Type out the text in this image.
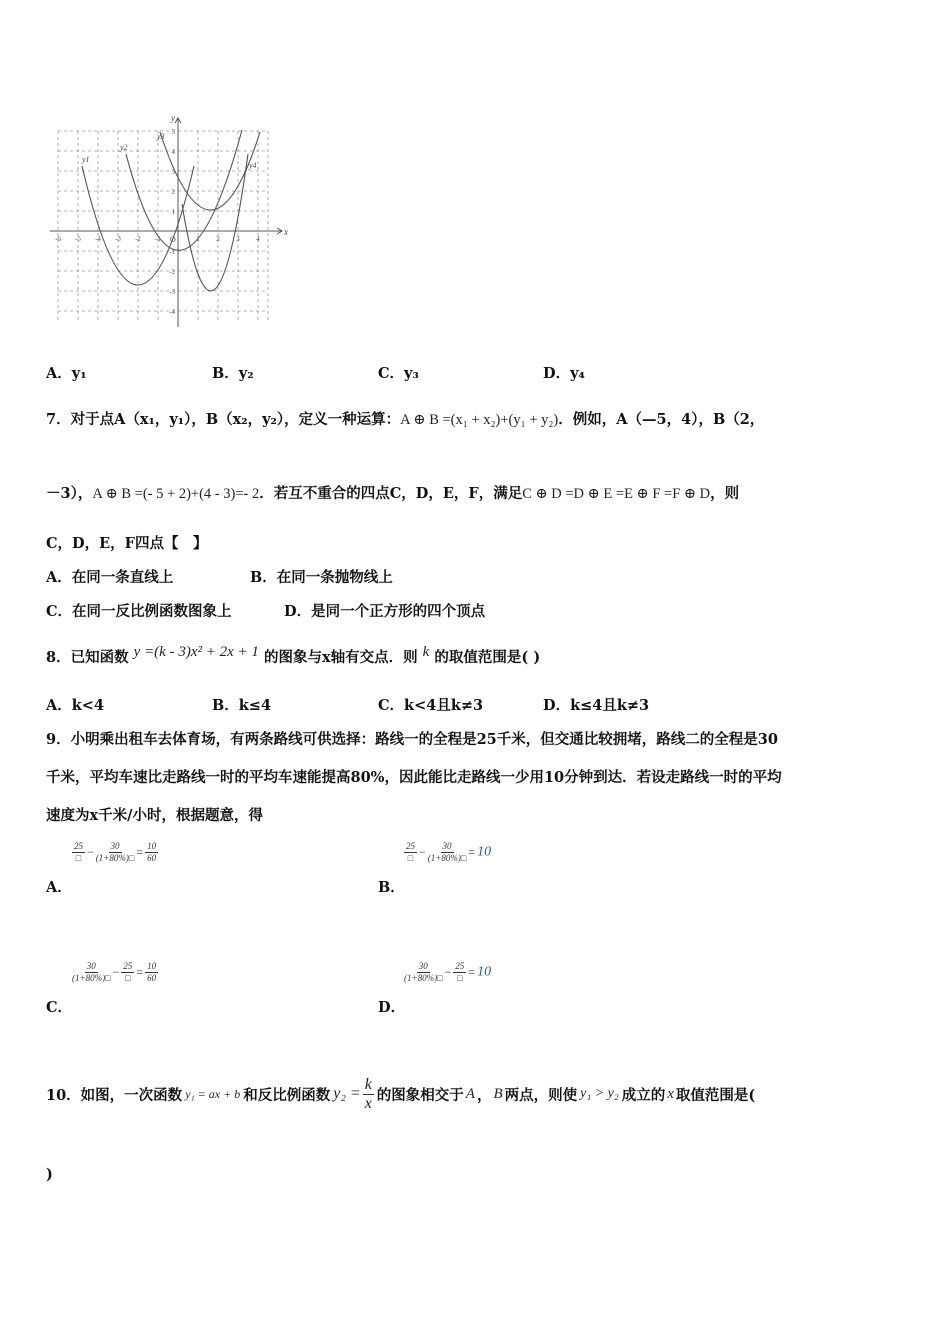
x
y
O
-6 -5 -4 -3 -2 -1	1 2 3 4
5
4
3
2
1
-1
-2
-3
-4
y1
y2
y3
y4
A．y₁	B．y₂	C．y₃	D．y₄
7．对于点A（x₁，y₁），B（x₂，y₂），定义一种运算：A ⊕ B =(x₁ + x₂)+(y₁ + y₂)．例如，A（—5，4），B（2，
－3），A ⊕ B =(- 5 + 2)+(4 - 3)=- 2．若互不重合的四点C，D，E，F，满足C ⊕ D =D ⊕ E =E ⊕ F =F ⊕ D，则
C，D，E，F四点【　】
A．在同一条直线上	B．在同一条抛物线上
C．在同一反比例函数图象上	D．是同一个正方形的四个顶点
8．已知函数 y =(k - 3)x² + 2x + 1 的图象与x轴有交点．则 k 的取值范围是( )
A．k<4	B．k≤4	C．k<4且k≠3	D．k≤4且k≠3
9．小明乘出租车去体育场，有两条路线可供选择：路线一的全程是25千米，但交通比较拥堵，路线二的全程是30
千米，平均车速比走路线一时的平均车速能提高80%，因此能比走路线一少用10分钟到达．若设走路线一时的平均
速度为x千米/小时，根据题意，得
$\frac{25}{□} - \frac{30}{(1+80\%)□} = \frac{10}{60}$
A．
$\frac{25}{□} - \frac{30}{(1+80\%)□} = 10$
B．
$\frac{30}{(1+80\%)□} - \frac{25}{□} = \frac{10}{60}$
C．
$\frac{30}{(1+80\%)□} - \frac{25}{□} = 10$
D．
10．如图，一次函数 y₁ = ax + b 和反比例函数 $y_2 = \frac{k}{x}$ 的图象相交于 A ， B 两点，则使 y₁ > y₂ 成立的 x 取值范围是(
)
